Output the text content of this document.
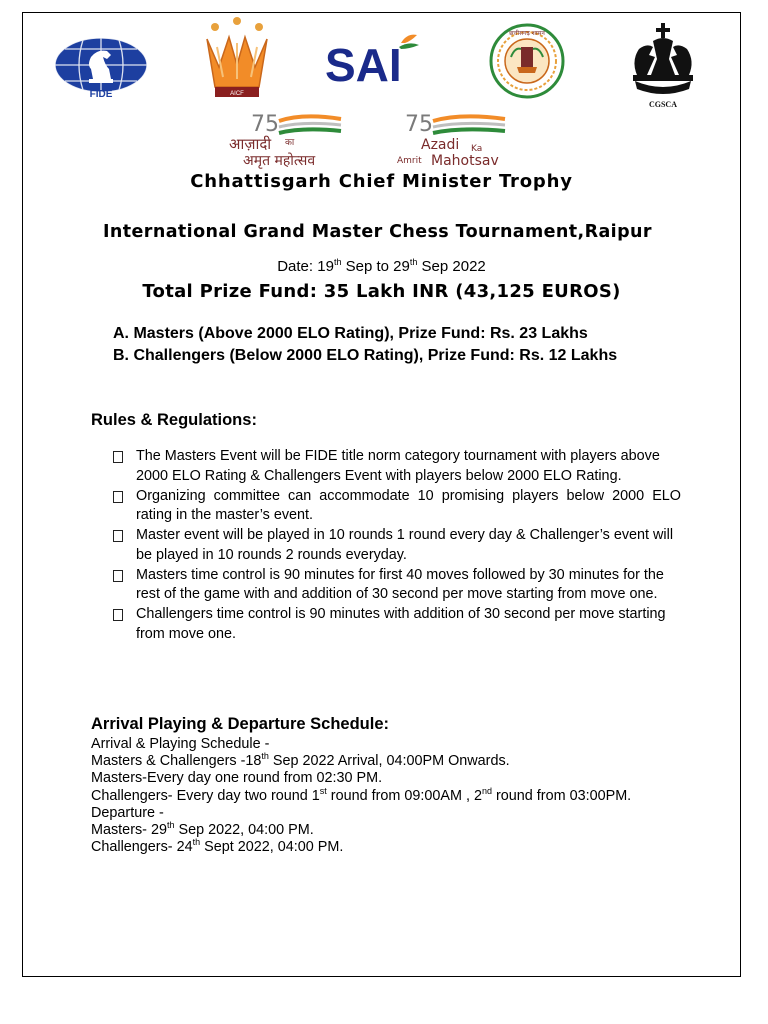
FIDE	AICF
SAI
छत्तीसगढ़ शासन
CGSCA
75
आज़ादी का
अमृत महोत्सव
75
Azadi Ka
Amrit Mahotsav
Chhattisgarh Chief Minister Trophy
International Grand Master Chess Tournament,Raipur
Date: 19th Sep to 29th Sep 2022
Total Prize Fund: 35 Lakh INR (43,125 EUROS)
A. Masters (Above 2000 ELO Rating), Prize Fund: Rs. 23 Lakhs
B. Challengers (Below 2000 ELO Rating), Prize Fund: Rs. 12 Lakhs
Rules & Regulations:
The Masters Event will be FIDE title norm category tournament with players above 2000 ELO Rating & Challengers Event with players below 2000 ELO Rating.
Organizing committee can accommodate 10 promising players below 2000 ELO rating in the master’s event.
Master event will be played in 10 rounds 1 round every day & Challenger’s event will be played in 10 rounds 2 rounds everyday.
Masters time control is 90 minutes for first 40 moves followed by 30 minutes for the rest of the game with and addition of 30 second per move starting from move one.
Challengers time control is 90 minutes with addition of 30 second per move starting from move one.
Arrival Playing & Departure Schedule:
Arrival & Playing Schedule -
Masters & Challengers -18th Sep 2022 Arrival, 04:00PM Onwards.
Masters-Every day one round from 02:30 PM.
Challengers- Every day two round 1st round from 09:00AM , 2nd round from 03:00PM.
Departure -
Masters- 29th Sep 2022, 04:00 PM.
Challengers- 24th Sept 2022, 04:00 PM.
